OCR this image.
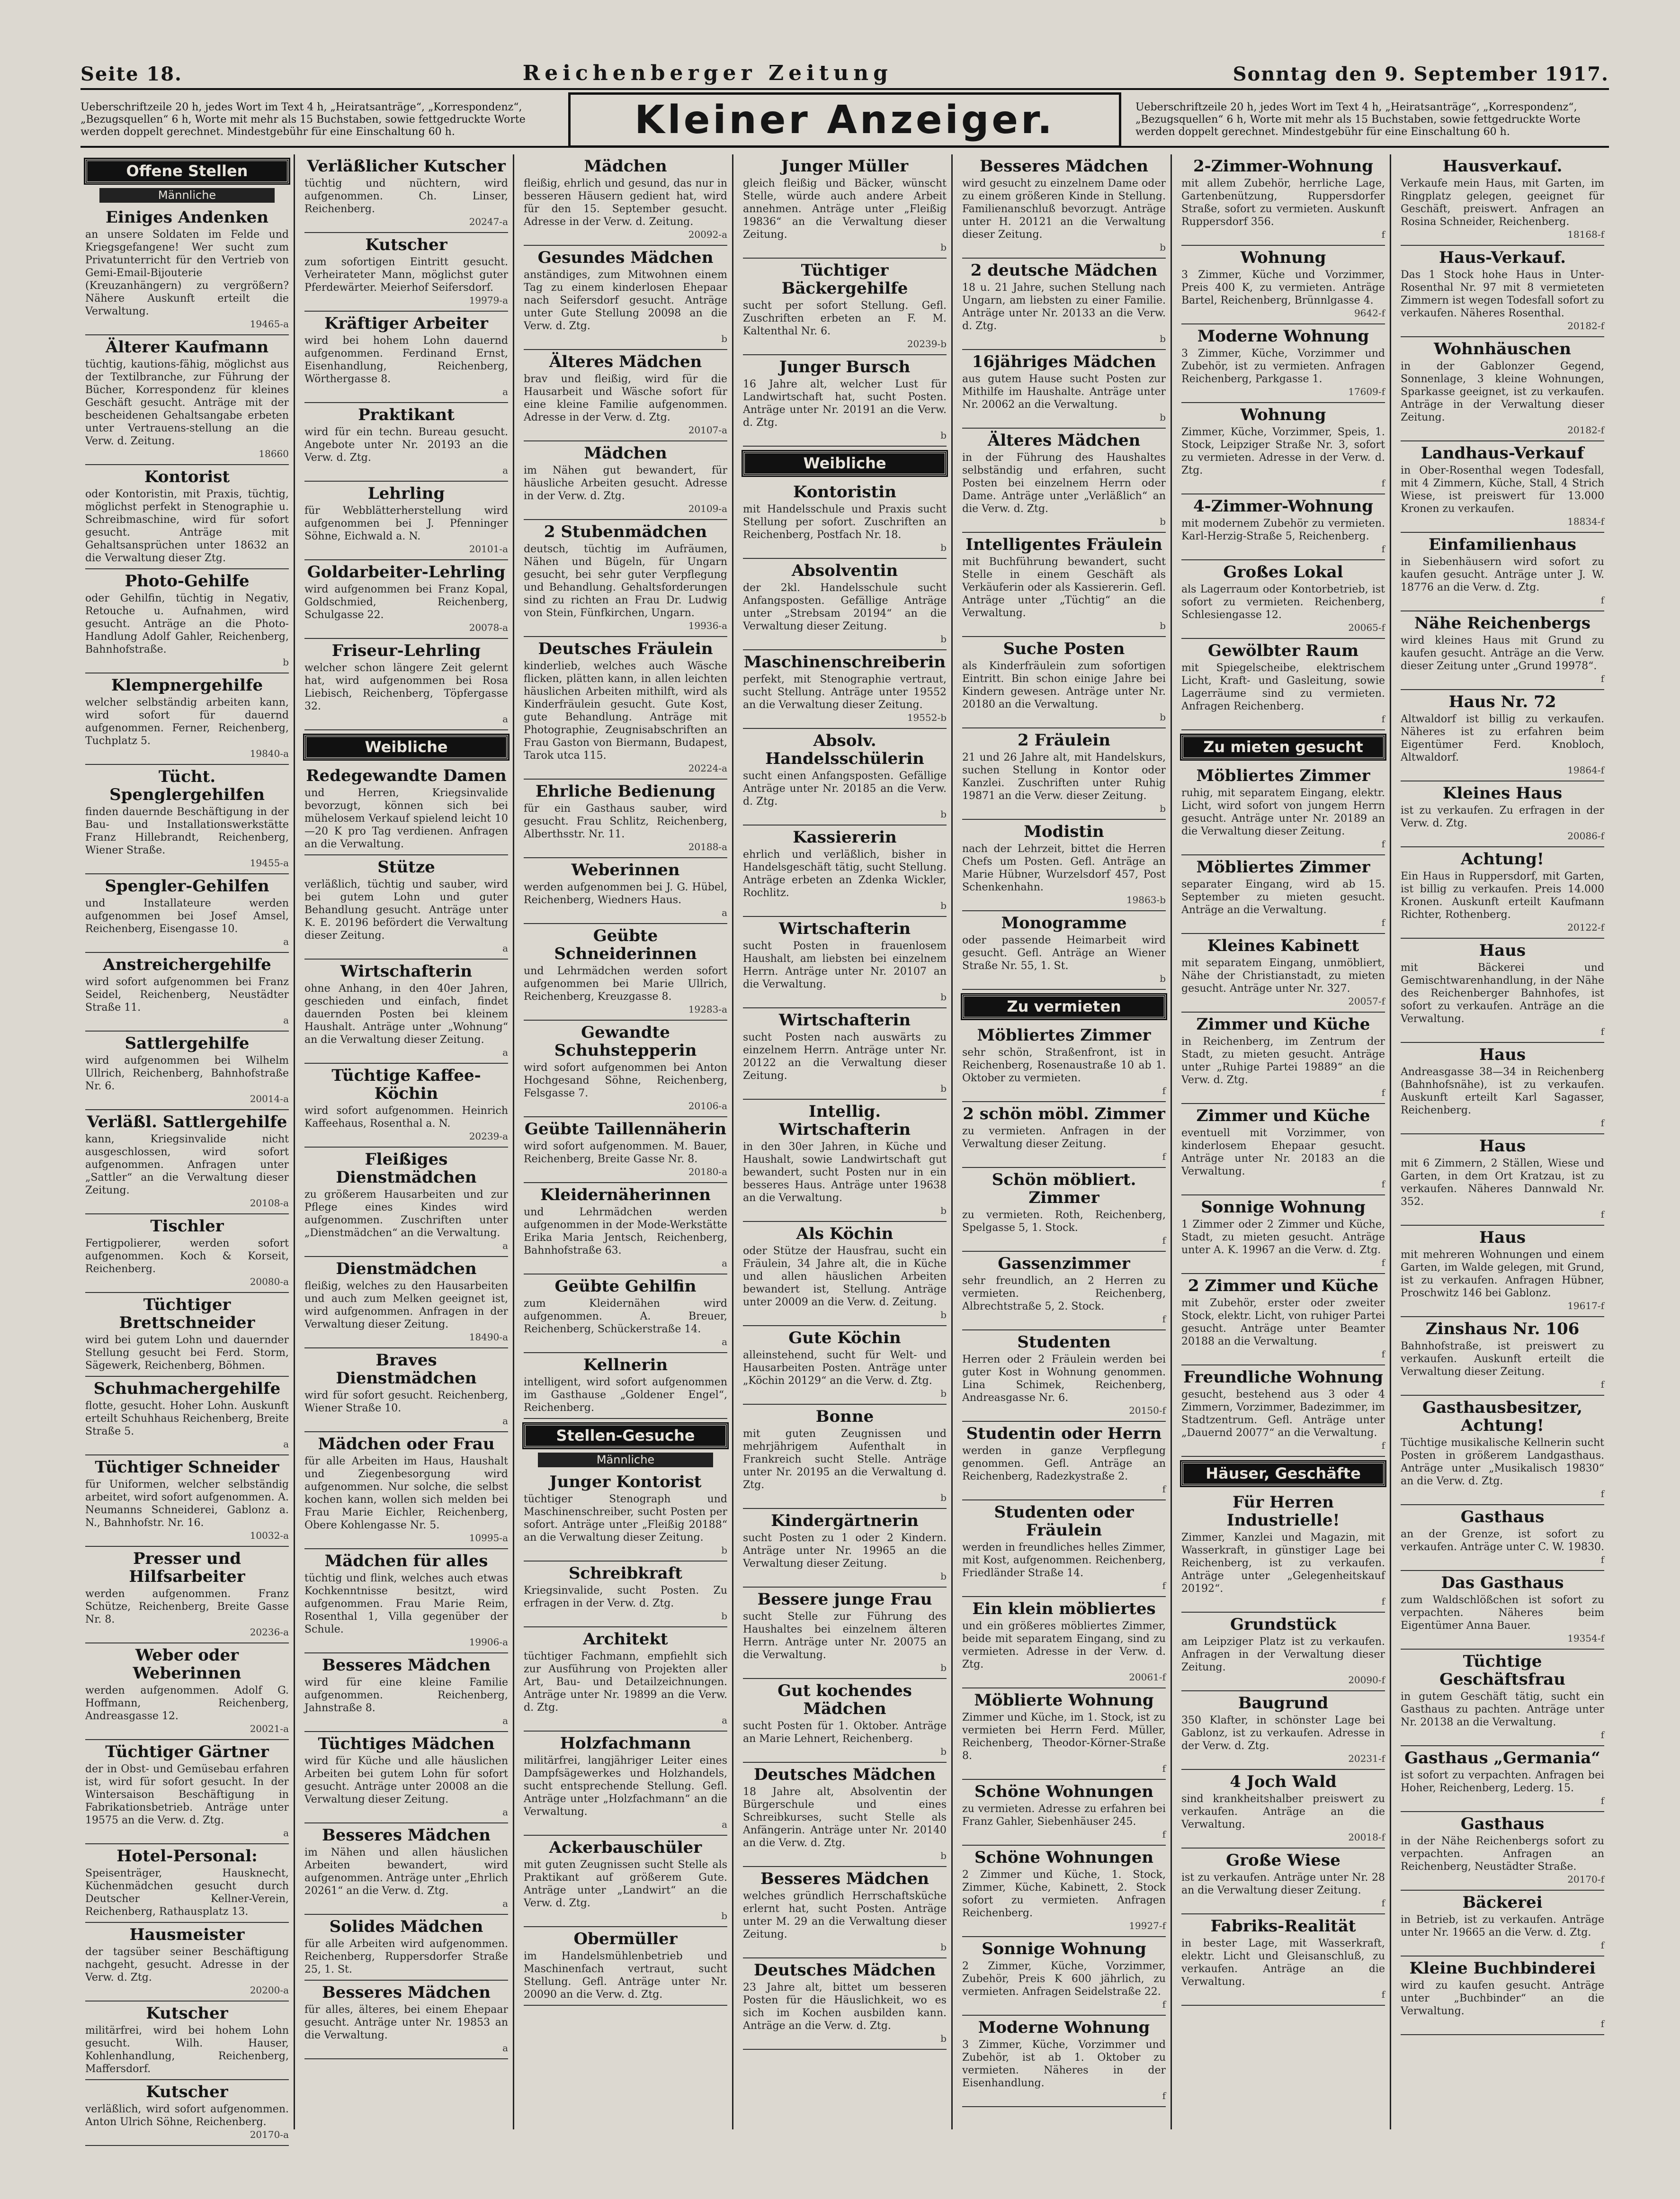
Seite 18.	Reichenberger Zeitung	Sonntag den 9. September 1917.
Ueberschriftzeile 20 h, jedes Wort im Text 4 h, „Heiratsanträge“, „Korrespondenz“, „Bezugsquellen“ 6 h, Worte mit mehr als 15 Buchstaben, sowie fettgedruckte Worte werden doppelt gerechnet. Mindestgebühr für eine Einschaltung 60 h.	Kleiner Anzeiger.	Ueberschriftzeile 20 h, jedes Wort im Text 4 h, „Heiratsanträge“, „Korrespondenz“, „Bezugsquellen“ 6 h, Worte mit mehr als 15 Buchstaben, sowie fettgedruckte Worte werden doppelt gerechnet. Mindestgebühr für eine Einschaltung 60 h.
Offene Stellen
Männliche
Einiges Andenken

an unsere Soldaten im Felde und Kriegsgefangene! Wer sucht zum Privatunterricht für den Vertrieb von Gemi-Email-Bijouterie (Kreuzanhängern) zu vergrößern? Nähere Auskunft erteilt die Verwaltung.

19465-a
Älterer Kaufmann

tüchtig, kautions-fähig, möglichst aus der Textilbranche, zur Führung der Bücher, Korrespondenz für kleines Geschäft gesucht. Anträge mit der bescheidenen Gehaltsangabe erbeten unter Vertrauens-stellung an die Verw. d. Zeitung.

18660
Kontorist

oder Kontoristin, mit Praxis, tüchtig, möglichst perfekt in Stenographie u. Schreibmaschine, wird für sofort gesucht. Anträge mit Gehaltsansprüchen unter 18632 an die Verwaltung dieser Ztg.

Photo-Gehilfe

oder Gehilfin, tüchtig in Negativ, Retouche u. Aufnahmen, wird gesucht. Anträge an die Photo-Handlung Adolf Gahler, Reichenberg, Bahnhofstraße.

b
Klempnergehilfe

welcher selbständig arbeiten kann, wird sofort für dauernd aufgenommen. Ferner, Reichenberg, Tuchplatz 5.

19840-a
Tücht. Spenglergehilfen

finden dauernde Beschäftigung in der Bau- und Installationswerkstätte Franz Hillebrandt, Reichenberg, Wiener Straße.

19455-a
Spengler-Gehilfen

und Installateure werden aufgenommen bei Josef Amsel, Reichenberg, Eisengasse 10.

a
Anstreichergehilfe

wird sofort aufgenommen bei Franz Seidel, Reichenberg, Neustädter Straße 11.

a
Sattlergehilfe

wird aufgenommen bei Wilhelm Ullrich, Reichenberg, Bahnhofstraße Nr. 6.

20014-a
Verläßl. Sattlergehilfe

kann, Kriegsinvalide nicht ausgeschlossen, wird sofort aufgenommen. Anfragen unter „Sattler“ an die Verwaltung dieser Zeitung.

20108-a
Tischler

Fertigpolierer, werden sofort aufgenommen. Koch & Korseit, Reichenberg.

20080-a
Tüchtiger Brettschneider

wird bei gutem Lohn und dauernder Stellung gesucht bei Ferd. Storm, Sägewerk, Reichenberg, Böhmen.

Schuhmachergehilfe

flotte, gesucht. Hoher Lohn. Auskunft erteilt Schuhhaus Reichenberg, Breite Straße 5.

a
Tüchtiger Schneider

für Uniformen, welcher selbständig arbeitet, wird sofort aufgenommen. A. Neumanns Schneiderei, Gablonz a. N., Bahnhofstr. Nr. 16.

10032-a
Presser und Hilfsarbeiter

werden aufgenommen. Franz Schütze, Reichenberg, Breite Gasse Nr. 8.

20236-a
Weber oder Weberinnen

werden aufgenommen. Adolf G. Hoffmann, Reichenberg, Andreasgasse 12.

20021-a
Tüchtiger Gärtner

der in Obst- und Gemüsebau erfahren ist, wird für sofort gesucht. In der Wintersaison Beschäftigung in Fabrikationsbetrieb. Anträge unter 19575 an die Verw. d. Ztg.

a
Hotel-Personal:

Speisenträger, Hausknecht, Küchenmädchen gesucht durch Deutscher Kellner-Verein, Reichenberg, Rathausplatz 13.

Hausmeister

der tagsüber seiner Beschäftigung nachgeht, gesucht. Adresse in der Verw. d. Ztg.

20200-a
Kutscher

militärfrei, wird bei hohem Lohn gesucht. Wilh. Hauser, Kohlenhandlung, Reichenberg, Maffersdorf.

Kutscher

verläßlich, wird sofort aufgenommen. Anton Ulrich Söhne, Reichenberg.

20170-a
Verläßlicher Kutscher

tüchtig und nüchtern, wird aufgenommen. Ch. Linser, Reichenberg.

20247-a
Kutscher

zum sofortigen Eintritt gesucht. Verheirateter Mann, möglichst guter Pferdewärter. Meierhof Seifersdorf.

19979-a
Kräftiger Arbeiter

wird bei hohem Lohn dauernd aufgenommen. Ferdinand Ernst, Eisenhandlung, Reichenberg, Wörthergasse 8.

a
Praktikant

wird für ein techn. Bureau gesucht. Angebote unter Nr. 20193 an die Verw. d. Ztg.

a
Lehrling

für Webblätterherstellung wird aufgenommen bei J. Pfenninger Söhne, Eichwald a. N.

20101-a
Goldarbeiter-Lehrling

wird aufgenommen bei Franz Kopal, Goldschmied, Reichenberg, Schulgasse 22.

20078-a
Friseur-Lehrling

welcher schon längere Zeit gelernt hat, wird aufgenommen bei Rosa Liebisch, Reichenberg, Töpfergasse 32.

a
Weibliche
Redegewandte Damen

und Herren, Kriegsinvalide bevorzugt, können sich bei mühelosem Verkauf spielend leicht 10—20 K pro Tag verdienen. Anfragen an die Verwaltung.

Stütze

verläßlich, tüchtig und sauber, wird bei gutem Lohn und guter Behandlung gesucht. Anträge unter K. E. 20196 befördert die Verwaltung dieser Zeitung.

a
Wirtschafterin

ohne Anhang, in den 40er Jahren, geschieden und einfach, findet dauernden Posten bei kleinem Haushalt. Anträge unter „Wohnung“ an die Verwaltung dieser Zeitung.

a
Tüchtige Kaffee-Köchin

wird sofort aufgenommen. Heinrich Kaffeehaus, Rosenthal a. N.

20239-a
Fleißiges Dienstmädchen

zu größerem Hausarbeiten und zur Pflege eines Kindes wird aufgenommen. Zuschriften unter „Dienstmädchen“ an die Verwaltung.

a
Dienstmädchen

fleißig, welches zu den Hausarbeiten und auch zum Melken geeignet ist, wird aufgenommen. Anfragen in der Verwaltung dieser Zeitung.

18490-a
Braves Dienstmädchen

wird für sofort gesucht. Reichenberg, Wiener Straße 10.

a
Mädchen oder Frau

für alle Arbeiten im Haus, Haushalt und Ziegenbesorgung wird aufgenommen. Nur solche, die selbst kochen kann, wollen sich melden bei Frau Marie Eichler, Reichenberg, Obere Kohlengasse Nr. 5.

10995-a
Mädchen für alles

tüchtig und flink, welches auch etwas Kochkenntnisse besitzt, wird aufgenommen. Frau Marie Reim, Rosenthal 1, Villa gegenüber der Schule.

19906-a
Besseres Mädchen

wird für eine kleine Familie aufgenommen. Reichenberg, Jahnstraße 8.

a
Tüchtiges Mädchen

wird für Küche und alle häuslichen Arbeiten bei gutem Lohn für sofort gesucht. Anträge unter 20008 an die Verwaltung dieser Zeitung.

a
Besseres Mädchen

im Nähen und allen häuslichen Arbeiten bewandert, wird aufgenommen. Anträge unter „Ehrlich 20261“ an die Verw. d. Ztg.

a
Solides Mädchen

für alle Arbeiten wird aufgenommen. Reichenberg, Ruppersdorfer Straße 25, 1. St.

Besseres Mädchen

für alles, älteres, bei einem Ehepaar gesucht. Anträge unter Nr. 19853 an die Verwaltung.

a
Mädchen

fleißig, ehrlich und gesund, das nur in besseren Häusern gedient hat, wird für den 15. September gesucht. Adresse in der Verw. d. Zeitung.

20092-a
Gesundes Mädchen

anständiges, zum Mitwohnen einem Tag zu einem kinderlosen Ehepaar nach Seifersdorf gesucht. Anträge unter Gute Stellung 20098 an die Verw. d. Ztg.

b
Älteres Mädchen

brav und fleißig, wird für die Hausarbeit und Wäsche sofort für eine kleine Familie aufgenommen. Adresse in der Verw. d. Ztg.

20107-a
Mädchen

im Nähen gut bewandert, für häusliche Arbeiten gesucht. Adresse in der Verw. d. Ztg.

20109-a
2 Stubenmädchen

deutsch, tüchtig im Aufräumen, Nähen und Bügeln, für Ungarn gesucht, bei sehr guter Verpflegung und Behandlung. Gehaltsforderungen sind zu richten an Frau Dr. Ludwig von Stein, Fünfkirchen, Ungarn.

19936-a
Deutsches Fräulein

kinderlieb, welches auch Wäsche flicken, plätten kann, in allen leichten häuslichen Arbeiten mithilft, wird als Kinderfräulein gesucht. Gute Kost, gute Behandlung. Anträge mit Photographie, Zeugnisabschriften an Frau Gaston von Biermann, Budapest, Tarok utca 115.

20224-a
Ehrliche Bedienung

für ein Gasthaus sauber, wird gesucht. Frau Schlitz, Reichenberg, Alberthsstr. Nr. 11.

20188-a
Weberinnen

werden aufgenommen bei J. G. Hübel, Reichenberg, Wiedners Haus.

a
Geübte Schneiderinnen

und Lehrmädchen werden sofort aufgenommen bei Marie Ullrich, Reichenberg, Kreuzgasse 8.

19283-a
Gewandte Schuhstepperin

wird sofort aufgenommen bei Anton Hochgesand Söhne, Reichenberg, Felsgasse 7.

20106-a
Geübte Taillennäherin

wird sofort aufgenommen. M. Bauer, Reichenberg, Breite Gasse Nr. 8.

20180-a
Kleidernäherinnen

und Lehrmädchen werden aufgenommen in der Mode-Werkstätte Erika Maria Jentsch, Reichenberg, Bahnhofstraße 63.

a
Geübte Gehilfin

zum Kleidernähen wird aufgenommen. A. Breuer, Reichenberg, Schückerstraße 14.

a
Kellnerin

intelligent, wird sofort aufgenommen im Gasthause „Goldener Engel“, Reichenberg.

Stellen-Gesuche
Männliche
Junger Kontorist

tüchtiger Stenograph und Maschinenschreiber, sucht Posten per sofort. Anträge unter „Fleißig 20188“ an die Verwaltung dieser Zeitung.

b
Schreibkraft

Kriegsinvalide, sucht Posten. Zu erfragen in der Verw. d. Ztg.

b
Architekt

tüchtiger Fachmann, empfiehlt sich zur Ausführung von Projekten aller Art, Bau- und Detailzeichnungen. Anträge unter Nr. 19899 an die Verw. d. Ztg.

a
Holzfachmann

militärfrei, langjähriger Leiter eines Dampfsägewerkes und Holzhandels, sucht entsprechende Stellung. Gefl. Anträge unter „Holzfachmann“ an die Verwaltung.

a
Ackerbauschüler

mit guten Zeugnissen sucht Stelle als Praktikant auf größerem Gute. Anträge unter „Landwirt“ an die Verw. d. Ztg.

b
Obermüller

im Handelsmühlenbetrieb und Maschinenfach vertraut, sucht Stellung. Gefl. Anträge unter Nr. 20090 an die Verw. d. Ztg.

Junger Müller

gleich fleißig und Bäcker, wünscht Stelle, würde auch andere Arbeit annehmen. Anträge unter „Fleißig 19836“ an die Verwaltung dieser Zeitung.

b
Tüchtiger Bäckergehilfe

sucht per sofort Stellung. Gefl. Zuschriften erbeten an F. M. Kaltenthal Nr. 6.

20239-b
Junger Bursch

16 Jahre alt, welcher Lust für Landwirtschaft hat, sucht Posten. Anträge unter Nr. 20191 an die Verw. d. Ztg.

b
Weibliche
Kontoristin

mit Handelsschule und Praxis sucht Stellung per sofort. Zuschriften an Reichenberg, Postfach Nr. 18.

b
Absolventin

der 2kl. Handelsschule sucht Anfangsposten. Gefällige Anträge unter „Strebsam 20194“ an die Verwaltung dieser Zeitung.

b
Maschinenschreiberin

perfekt, mit Stenographie vertraut, sucht Stellung. Anträge unter 19552 an die Verwaltung dieser Zeitung.

19552-b
Absolv. Handelsschülerin

sucht einen Anfangsposten. Gefällige Anträge unter Nr. 20185 an die Verw. d. Ztg.

b
Kassiererin

ehrlich und verläßlich, bisher in Handelsgeschäft tätig, sucht Stellung. Anträge erbeten an Zdenka Wickler, Rochlitz.

b
Wirtschafterin

sucht Posten in frauenlosem Haushalt, am liebsten bei einzelnem Herrn. Anträge unter Nr. 20107 an die Verwaltung.

b
Wirtschafterin

sucht Posten nach auswärts zu einzelnem Herrn. Anträge unter Nr. 20122 an die Verwaltung dieser Zeitung.

b
Intellig. Wirtschafterin

in den 30er Jahren, in Küche und Haushalt, sowie Landwirtschaft gut bewandert, sucht Posten nur in ein besseres Haus. Anträge unter 19638 an die Verwaltung.

b
Als Köchin

oder Stütze der Hausfrau, sucht ein Fräulein, 34 Jahre alt, die in Küche und allen häuslichen Arbeiten bewandert ist, Stellung. Anträge unter 20009 an die Verw. d. Zeitung.

b
Gute Köchin

alleinstehend, sucht für Welt- und Hausarbeiten Posten. Anträge unter „Köchin 20129“ an die Verw. d. Ztg.

b
Bonne

mit guten Zeugnissen und mehrjährigem Aufenthalt in Frankreich sucht Stelle. Anträge unter Nr. 20195 an die Verwaltung d. Ztg.

b
Kindergärtnerin

sucht Posten zu 1 oder 2 Kindern. Anträge unter Nr. 19965 an die Verwaltung dieser Zeitung.

b
Bessere junge Frau

sucht Stelle zur Führung des Haushaltes bei einzelnem älteren Herrn. Anträge unter Nr. 20075 an die Verwaltung.

b
Gut kochendes Mädchen

sucht Posten für 1. Oktober. Anträge an Marie Lehnert, Reichenberg.

b
Deutsches Mädchen

18 Jahre alt, Absolventin der Bürgerschule und eines Schreibkurses, sucht Stelle als Anfängerin. Anträge unter Nr. 20140 an die Verw. d. Ztg.

b
Besseres Mädchen

welches gründlich Herrschaftsküche erlernt hat, sucht Posten. Anträge unter M. 29 an die Verwaltung dieser Zeitung.

b
Deutsches Mädchen

23 Jahre alt, bittet um besseren Posten für die Häuslichkeit, wo es sich im Kochen ausbilden kann. Anträge an die Verw. d. Ztg.

b
Besseres Mädchen

wird gesucht zu einzelnem Dame oder zu einem größeren Kinde in Stellung. Familienanschluß bevorzugt. Anträge unter H. 20121 an die Verwaltung dieser Zeitung.

b
2 deutsche Mädchen

18 u. 21 Jahre, suchen Stellung nach Ungarn, am liebsten zu einer Familie. Anträge unter Nr. 20133 an die Verw. d. Ztg.

b
16jähriges Mädchen

aus gutem Hause sucht Posten zur Mithilfe im Haushalte. Anträge unter Nr. 20062 an die Verwaltung.

b
Älteres Mädchen

in der Führung des Haushaltes selbständig und erfahren, sucht Posten bei einzelnem Herrn oder Dame. Anträge unter „Verläßlich“ an die Verw. d. Ztg.

b
Intelligentes Fräulein

mit Buchführung bewandert, sucht Stelle in einem Geschäft als Verkäuferin oder als Kassiererin. Gefl. Anträge unter „Tüchtig“ an die Verwaltung.

b
Suche Posten

als Kinderfräulein zum sofortigen Eintritt. Bin schon einige Jahre bei Kindern gewesen. Anträge unter Nr. 20180 an die Verwaltung.

b
2 Fräulein

21 und 26 Jahre alt, mit Handelskurs, suchen Stellung in Kontor oder Kanzlei. Zuschriften unter Ruhig 19871 an die Verw. dieser Zeitung.

b
Modistin

nach der Lehrzeit, bittet die Herren Chefs um Posten. Gefl. Anträge an Marie Hübner, Wurzelsdorf 457, Post Schenkenhahn.

19863-b
Monogramme

oder passende Heimarbeit wird gesucht. Gefl. Anträge an Wiener Straße Nr. 55, 1. St.

b
Zu vermieten
Möbliertes Zimmer

sehr schön, Straßenfront, ist in Reichenberg, Rosenaustraße 10 ab 1. Oktober zu vermieten.

f
2 schön möbl. Zimmer

zu vermieten. Anfragen in der Verwaltung dieser Zeitung.

f
Schön möbliert. Zimmer

zu vermieten. Roth, Reichenberg, Spelgasse 5, 1. Stock.

f
Gassenzimmer

sehr freundlich, an 2 Herren zu vermieten. Reichenberg, Albrechtstraße 5, 2. Stock.

f
Studenten

Herren oder 2 Fräulein werden bei guter Kost in Wohnung genommen. Lina Schimek, Reichenberg, Andreasgasse Nr. 6.

20150-f
Studentin oder Herrn

werden in ganze Verpflegung genommen. Gefl. Anträge an Reichenberg, Radezkystraße 2.

f
Studenten oder Fräulein

werden in freundliches helles Zimmer, mit Kost, aufgenommen. Reichenberg, Friedländer Straße 14.

f
Ein klein möbliertes

und ein größeres möbliertes Zimmer, beide mit separatem Eingang, sind zu vermieten. Adresse in der Verw. d. Ztg.

20061-f
Möblierte Wohnung

Zimmer und Küche, im 1. Stock, ist zu vermieten bei Herrn Ferd. Müller, Reichenberg, Theodor-Körner-Straße 8.

f
Schöne Wohnungen

zu vermieten. Adresse zu erfahren bei Franz Gahler, Siebenhäuser 245.

f
Schöne Wohnungen

2 Zimmer und Küche, 1. Stock, Zimmer, Küche, Kabinett, 2. Stock sofort zu vermieten. Anfragen Reichenberg.

19927-f
Sonnige Wohnung

2 Zimmer, Küche, Vorzimmer, Zubehör, Preis K 600 jährlich, zu vermieten. Anfragen Seidelstraße 22.

f
Moderne Wohnung

3 Zimmer, Küche, Vorzimmer und Zubehör, ist ab 1. Oktober zu vermieten. Näheres in der Eisenhandlung.

f
2-Zimmer-Wohnung

mit allem Zubehör, herrliche Lage, Gartenbenützung, Ruppersdorfer Straße, sofort zu vermieten. Auskunft Ruppersdorf 356.

f
Wohnung

3 Zimmer, Küche und Vorzimmer, Preis 400 K, zu vermieten. Anträge Bartel, Reichenberg, Brünnlgasse 4.

9642-f
Moderne Wohnung

3 Zimmer, Küche, Vorzimmer und Zubehör, ist zu vermieten. Anfragen Reichenberg, Parkgasse 1.

17609-f
Wohnung

Zimmer, Küche, Vorzimmer, Speis, 1. Stock, Leipziger Straße Nr. 3, sofort zu vermieten. Adresse in der Verw. d. Ztg.

f
4-Zimmer-Wohnung

mit modernem Zubehör zu vermieten. Karl-Herzig-Straße 5, Reichenberg.

f
Großes Lokal

als Lagerraum oder Kontorbetrieb, ist sofort zu vermieten. Reichenberg, Schlesiengasse 12.

20065-f
Gewölbter Raum

mit Spiegelscheibe, elektrischem Licht, Kraft- und Gasleitung, sowie Lagerräume sind zu vermieten. Anfragen Reichenberg.

f
Zu mieten gesucht
Möbliertes Zimmer

ruhig, mit separatem Eingang, elektr. Licht, wird sofort von jungem Herrn gesucht. Anträge unter Nr. 20189 an die Verwaltung dieser Zeitung.

f
Möbliertes Zimmer

separater Eingang, wird ab 15. September zu mieten gesucht. Anträge an die Verwaltung.

f
Kleines Kabinett

mit separatem Eingang, unmöbliert, Nähe der Christianstadt, zu mieten gesucht. Anträge unter Nr. 327.

20057-f
Zimmer und Küche

in Reichenberg, im Zentrum der Stadt, zu mieten gesucht. Anträge unter „Ruhige Partei 19889“ an die Verw. d. Ztg.

f
Zimmer und Küche

eventuell mit Vorzimmer, von kinderlosem Ehepaar gesucht. Anträge unter Nr. 20183 an die Verwaltung.

f
Sonnige Wohnung

1 Zimmer oder 2 Zimmer und Küche, Stadt, zu mieten gesucht. Anträge unter A. K. 19967 an die Verw. d. Ztg.

f
2 Zimmer und Küche

mit Zubehör, erster oder zweiter Stock, elektr. Licht, von ruhiger Partei gesucht. Anträge unter Beamter 20188 an die Verwaltung.

f
Freundliche Wohnung

gesucht, bestehend aus 3 oder 4 Zimmern, Vorzimmer, Badezimmer, im Stadtzentrum. Gefl. Anträge unter „Dauernd 20077“ an die Verwaltung.

f
Häuser, Geschäfte
Für Herren Industrielle!

Zimmer, Kanzlei und Magazin, mit Wasserkraft, in günstiger Lage bei Reichenberg, ist zu verkaufen. Anträge unter „Gelegenheitskauf 20192“.

f
Grundstück

am Leipziger Platz ist zu verkaufen. Anfragen in der Verwaltung dieser Zeitung.

20090-f
Baugrund

350 Klafter, in schönster Lage bei Gablonz, ist zu verkaufen. Adresse in der Verw. d. Ztg.

20231-f
4 Joch Wald

sind krankheitshalber preiswert zu verkaufen. Anträge an die Verwaltung.

20018-f
Große Wiese

ist zu verkaufen. Anträge unter Nr. 28 an die Verwaltung dieser Zeitung.

f
Fabriks-Realität

in bester Lage, mit Wasserkraft, elektr. Licht und Gleisanschluß, zu verkaufen. Anträge an die Verwaltung.

f
Hausverkauf.

Verkaufe mein Haus, mit Garten, im Ringplatz gelegen, geeignet für Geschäft, preiswert. Anfragen an Rosina Schneider, Reichenberg.

18168-f
Haus-Verkauf.

Das 1 Stock hohe Haus in Unter-Rosenthal Nr. 97 mit 8 vermieteten Zimmern ist wegen Todesfall sofort zu verkaufen. Näheres Rosenthal.

20182-f
Wohnhäuschen

in der Gablonzer Gegend, Sonnenlage, 3 kleine Wohnungen, Sparkasse geeignet, ist zu verkaufen. Anträge in der Verwaltung dieser Zeitung.

20182-f
Landhaus-Verkauf

in Ober-Rosenthal wegen Todesfall, mit 4 Zimmern, Küche, Stall, 4 Strich Wiese, ist preiswert für 13.000 Kronen zu verkaufen.

18834-f
Einfamilienhaus

in Siebenhäusern wird sofort zu kaufen gesucht. Anträge unter J. W. 18776 an die Verw. d. Ztg.

f
Nähe Reichenbergs

wird kleines Haus mit Grund zu kaufen gesucht. Anträge an die Verw. dieser Zeitung unter „Grund 19978“.

f
Haus Nr. 72

Altwaldorf ist billig zu verkaufen. Näheres ist zu erfahren beim Eigentümer Ferd. Knobloch, Altwaldorf.

19864-f
Kleines Haus

ist zu verkaufen. Zu erfragen in der Verw. d. Ztg.

20086-f
Achtung!

Ein Haus in Ruppersdorf, mit Garten, ist billig zu verkaufen. Preis 14.000 Kronen. Auskunft erteilt Kaufmann Richter, Rothenberg.

20122-f
Haus

mit Bäckerei und Gemischtwarenhandlung, in der Nähe des Reichenberger Bahnhofes, ist sofort zu verkaufen. Anträge an die Verwaltung.

f
Haus

Andreasgasse 38—34 in Reichenberg (Bahnhofsnähe), ist zu verkaufen. Auskunft erteilt Karl Sagasser, Reichenberg.

f
Haus

mit 6 Zimmern, 2 Ställen, Wiese und Garten, in dem Ort Kratzau, ist zu verkaufen. Näheres Dannwald Nr. 352.

f
Haus

mit mehreren Wohnungen und einem Garten, im Walde gelegen, mit Grund, ist zu verkaufen. Anfragen Hübner, Proschwitz 146 bei Gablonz.

19617-f
Zinshaus Nr. 106

Bahnhofstraße, ist preiswert zu verkaufen. Auskunft erteilt die Verwaltung dieser Zeitung.

f
Gasthausbesitzer, Achtung!

Tüchtige musikalische Kellnerin sucht Posten in größerem Landgasthaus. Anträge unter „Musikalisch 19830“ an die Verw. d. Ztg.

f
Gasthaus

an der Grenze, ist sofort zu verkaufen. Anträge unter C. W. 19830.

f
Das Gasthaus

zum Waldschlößchen ist sofort zu verpachten. Näheres beim Eigentümer Anna Bauer.

19354-f
Tüchtige Geschäftsfrau

in gutem Geschäft tätig, sucht ein Gasthaus zu pachten. Anträge unter Nr. 20138 an die Verwaltung.

f
Gasthaus „Germania“

ist sofort zu verpachten. Anfragen bei Hoher, Reichenberg, Lederg. 15.

f
Gasthaus

in der Nähe Reichenbergs sofort zu verpachten. Anfragen an Reichenberg, Neustädter Straße.

20170-f
Bäckerei

in Betrieb, ist zu verkaufen. Anträge unter Nr. 19665 an die Verw. d. Ztg.

f
Kleine Buchbinderei

wird zu kaufen gesucht. Anträge unter „Buchbinder“ an die Verwaltung.

f
